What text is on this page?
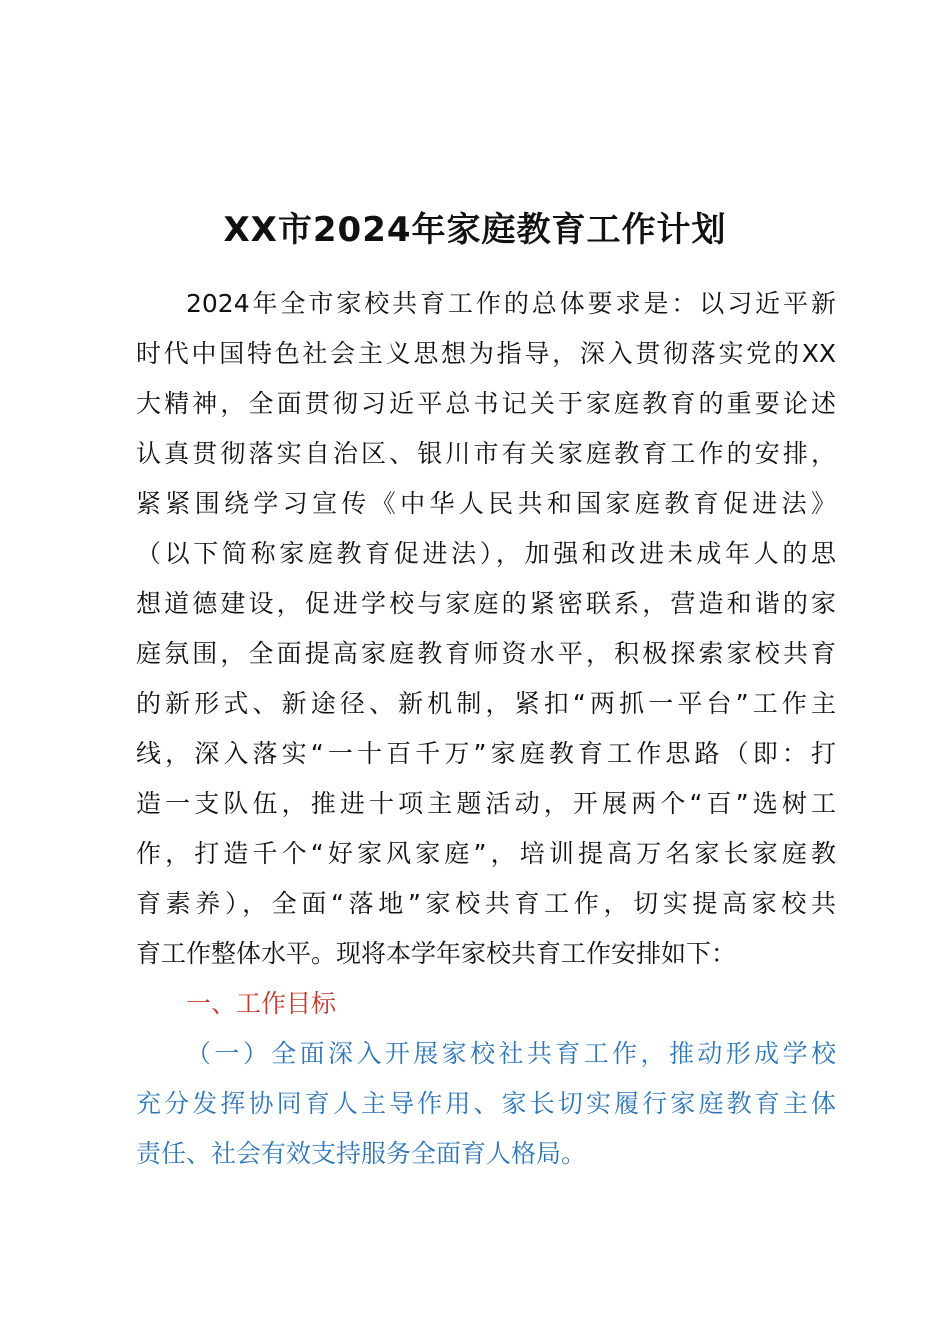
XX市2024年家庭教育工作计划
2024年全市家校共育工作的总体要求是：以习近平新
时代中国特色社会主义思想为指导，深入贯彻落实党的XX
大精神，全面贯彻习近平总书记关于家庭教育的重要论述
认真贯彻落实自治区、银川市有关家庭教育工作的安排，
紧紧围绕学习宣传《中华人民共和国家庭教育促进法》
（以下简称家庭教育促进法），加强和改进未成年人的思
想道德建设，促进学校与家庭的紧密联系，营造和谐的家
庭氛围，全面提高家庭教育师资水平，积极探索家校共育
的新形式、新途径、新机制，紧扣“两抓一平台”工作主
线，深入落实“一十百千万”家庭教育工作思路（即：打
造一支队伍，推进十项主题活动，开展两个“百”选树工
作，打造千个“好家风家庭”，培训提高万名家长家庭教
育素养），全面“落地”家校共育工作，切实提高家校共
育工作整体水平。现将本学年家校共育工作安排如下：
一、工作目标
（一）全面深入开展家校社共育工作，推动形成学校
充分发挥协同育人主导作用、家长切实履行家庭教育主体
责任、社会有效支持服务全面育人格局。
